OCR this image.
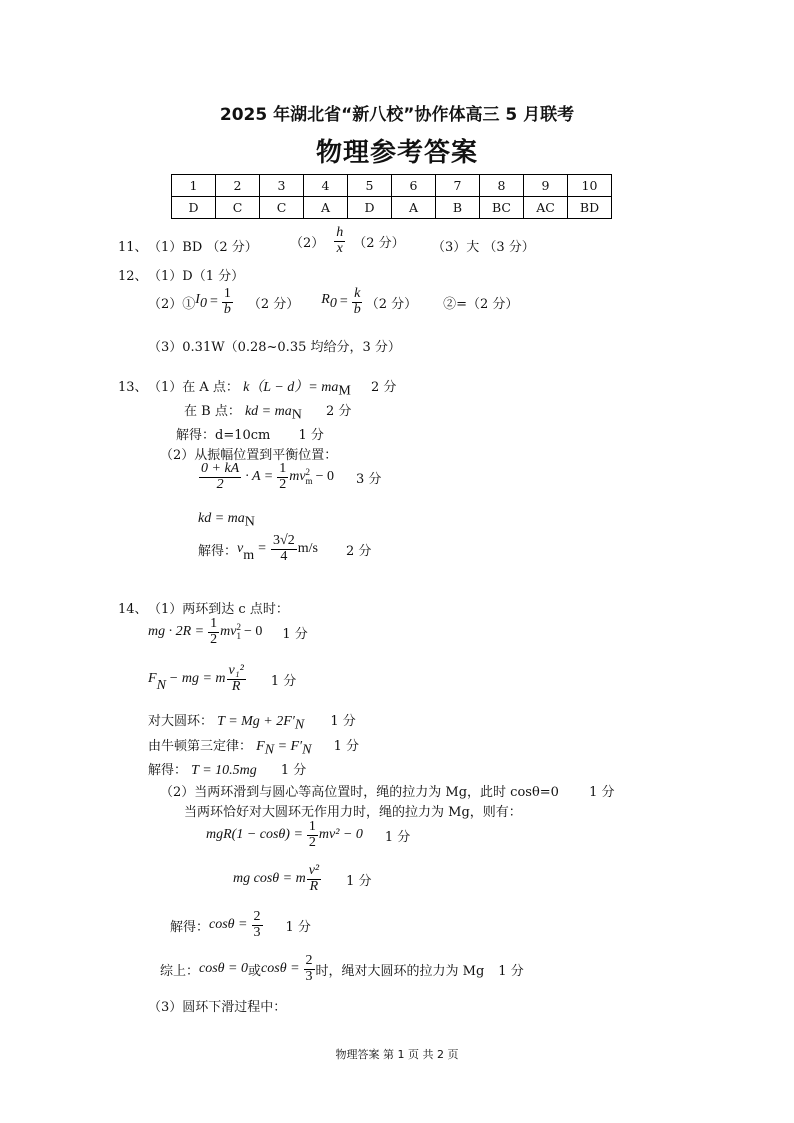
2025 年湖北省“新八校”协作体高三 5 月联考
物理参考答案
1	2	3	4	5	6	7	8	9	10
D	C	C	A	D	A	B	BC	AC	BD
11、 （1）BD （2 分） $(2) \frac{h}{x} (2$ 分） （3）大 （3 分）
12、 （1）D（1 分）
（2）① $I_0 = \frac{1}{b} (2$ 分） $R_0 = \frac{k}{b} (2$ 分） ②=（2 分）
（3）0.31W（0.28~0.35 均给分，3 分）
13、 （1）在 A 点： $k(L - d)= ma_M$ 2 分
在 B 点： kd = $ma_N$ 2 分
解得：d=10cm 1 分
（2）从振幅位置到平衡位置：
$\frac{0 + kA}{2} \cdot A = \frac{1}{2}$ mv 2
m − 0 3 分
kd = $ma_N$
解得： v $m = \frac{3√2}{4} m/s$ 2 分
14、 （1）两环到达 c 点时：
mg · $2R = \frac{1}{2}$ mv 2
1 − 0 1 分
F N − mg = m $\frac{\text{v₁²}}{R} 1$ 分
对大圆环： $T = Mg + 2F'_N$ 1 分
由牛顿第三定律： $F_N = F'_N$ 1 分
解得： T = 10.5mg 1 分
（2）当两环滑到与圆心等高位置时，绳的拉力为 Mg，此时 cosθ=0 1 分
当两环恰好对大圆环无作用力时，绳的拉力为 Mg，则有：
$mgR(1 - \cos\theta) = \frac{1}{2} mv^2 - 0$ 1 分
mg cosθ = m $\frac{\text{v²}}{R} 1$ 分
解得： $\cos\theta = \frac{2}{3} 1$ 分
综上： cosθ = 0 或 $\cos\theta = \frac{2}{3}$ 时，绳对大圆环的拉力为 Mg 1 分
（3）圆环下滑过程中：
物理答案 第 1 页 共 2 页
